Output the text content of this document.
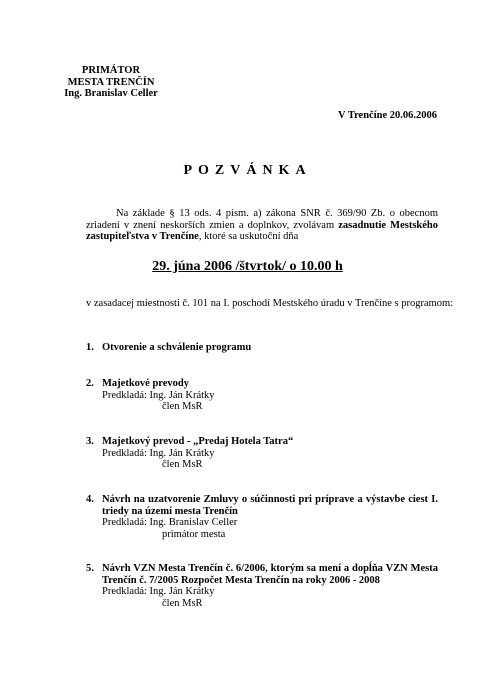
PRIMÁTOR
MESTA TRENČÍN
Ing. Branislav Celler
V Trenčíne 20.06.2006
POZVÁNKA
Na základe § 13 ods. 4 písm. a) zákona SNR č. 369/90 Zb. o obecnom zriadení v znení neskorších zmien a doplnkov, zvolávam zasadnutie Mestského zastupiteľstva v Trenčíne, ktoré sa uskutoční dňa
29. júna 2006 /štvrtok/ o 10.00 h
v zasadacej miestnosti č. 101 na I. poschodí Mestského úradu v Trenčíne s programom:
1. Otvorenie a schválenie programu
2. Majetkové prevody
Predkladá: Ing. Ján Krátky
člen MsR
3. Majetkový prevod - „Predaj Hotela Tatra“
Predkladá: Ing. Ján Krátky
člen MsR
4. Návrh na uzatvorenie Zmluvy o súčinnosti pri príprave a výstavbe ciest I. triedy na území mesta Trenčín
Predkladá: Ing. Branislav Celler
primátor mesta
5. Návrh VZN Mesta Trenčín č. 6/2006, ktorým sa mení a dopĺňa VZN Mesta Trenčín č. 7/2005 Rozpočet Mesta Trenčín na roky 2006 - 2008
Predkladá: Ing. Ján Krátky
člen MsR
